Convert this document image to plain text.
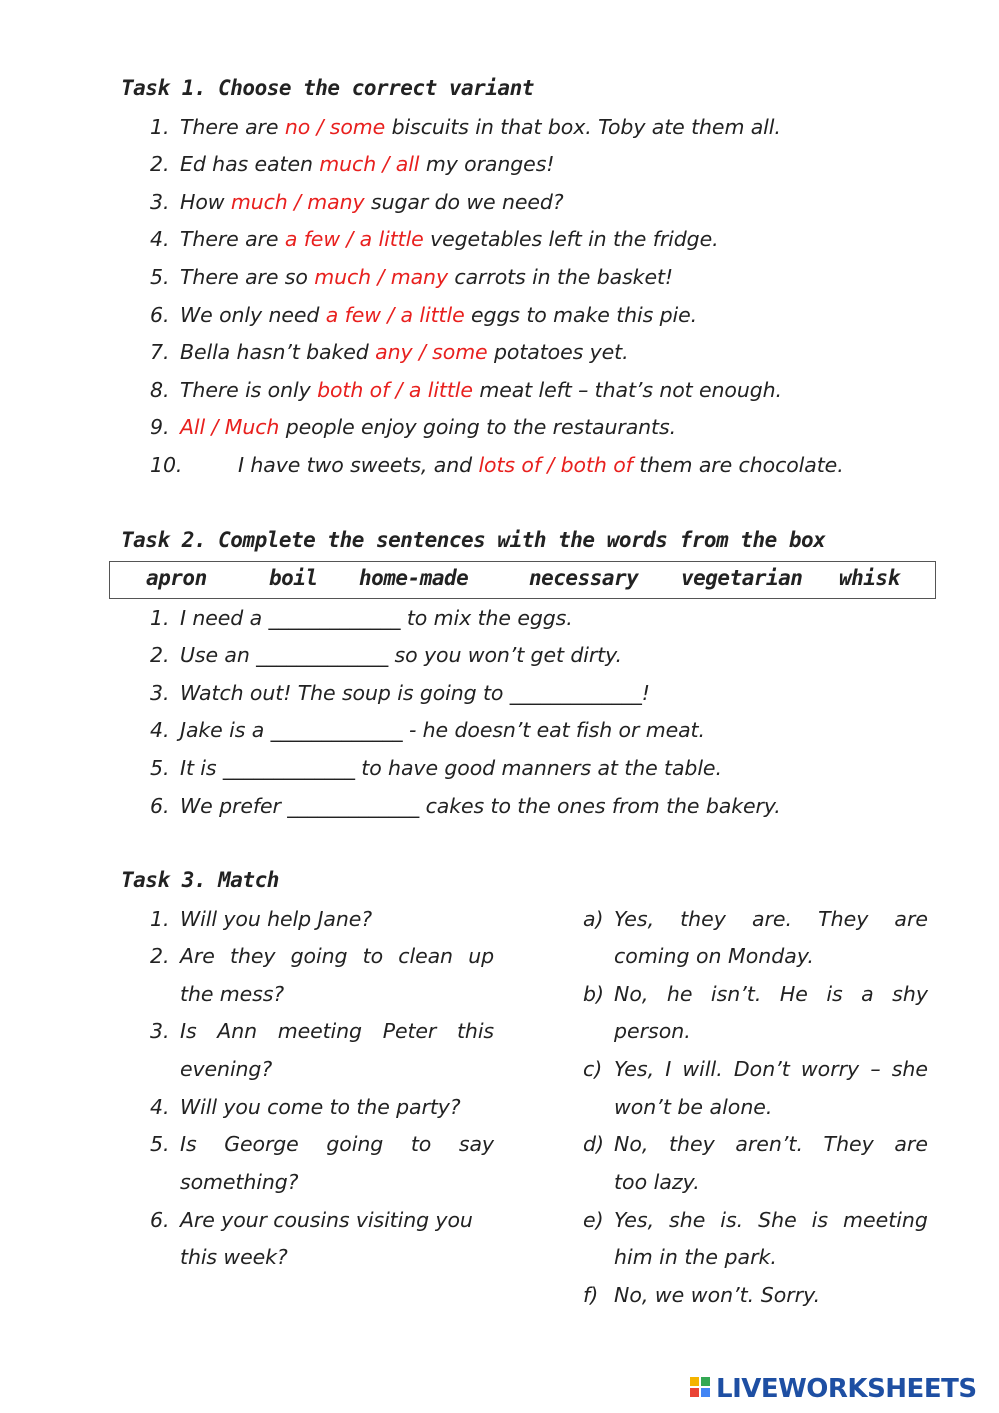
Task 1. Choose the correct variant
1. There are no / some biscuits in that box. Toby ate them all.
2. Ed has eaten much / all my oranges!
3. How much / many sugar do we need?
4. There are a few / a little vegetables left in the fridge.
5. There are so much / many carrots in the basket!
6. We only need a few / a little eggs to make this pie.
7. Bella hasn’t baked any / some potatoes yet.
8. There is only both of / a little meat left – that’s not enough.
9. All / Much people enjoy going to the restaurants.
10.	I have two sweets, and lots of / both of them are chocolate.
Task 2. Complete the sentences with the words from the box
apron	boil home-made	necessary vegetarian whisk
1. I need a _____________ to mix the eggs.
2. Use an _____________ so you won’t get dirty.
3. Watch out! The soup is going to _____________!
4. Jake is a _____________ - he doesn’t eat fish or meat.
5. It is _____________ to have good manners at the table.
6. We prefer _____________ cakes to the ones from the bakery.
Task 3. Match
1. Will you help Jane?
2. Are they going to clean up
the mess?
3. Is Ann meeting Peter this
evening?
4. Will you come to the party?
5. Is George going to say
something?
6. Are your cousins visiting you
this week?
a) Yes, they are. They are
coming on Monday.
b) No, he isn’t. He is a shy
person.
c) Yes, I will. Don’t worry – she
won’t be alone.
d) No, they aren’t. They are
too lazy.
e) Yes, she is. She is meeting
him in the park.
f) No, we won’t. Sorry.
LIVEWORKSHEETS
